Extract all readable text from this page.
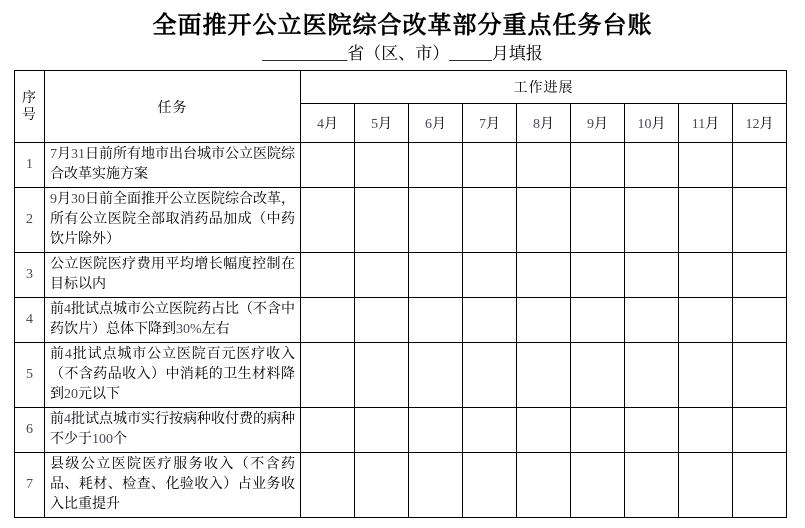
全面推开公立医院综合改革部分重点任务台账
__________省（区、市）_____月填报
序号	任务	工作进展								
		4月	5月	6月	7月	8月	9月	10月	11月	12月
1	7月31日前所有地市出台城市公立医院综合改革实施方案									
2	9月30日前全面推开公立医院综合改革，所有公立医院全部取消药品加成（中药饮片除外）									
3	公立医院医疗费用平均增长幅度控制在目标以内									
4	前4批试点城市公立医院药占比（不含中药饮片）总体下降到30%左右									
5	前4批试点城市公立医院百元医疗收入（不含药品收入）中消耗的卫生材料降到20元以下									
6	前4批试点城市实行按病种收付费的病种不少于100个									
7	县级公立医院医疗服务收入（不含药品、耗材、检查、化验收入）占业务收入比重提升									
